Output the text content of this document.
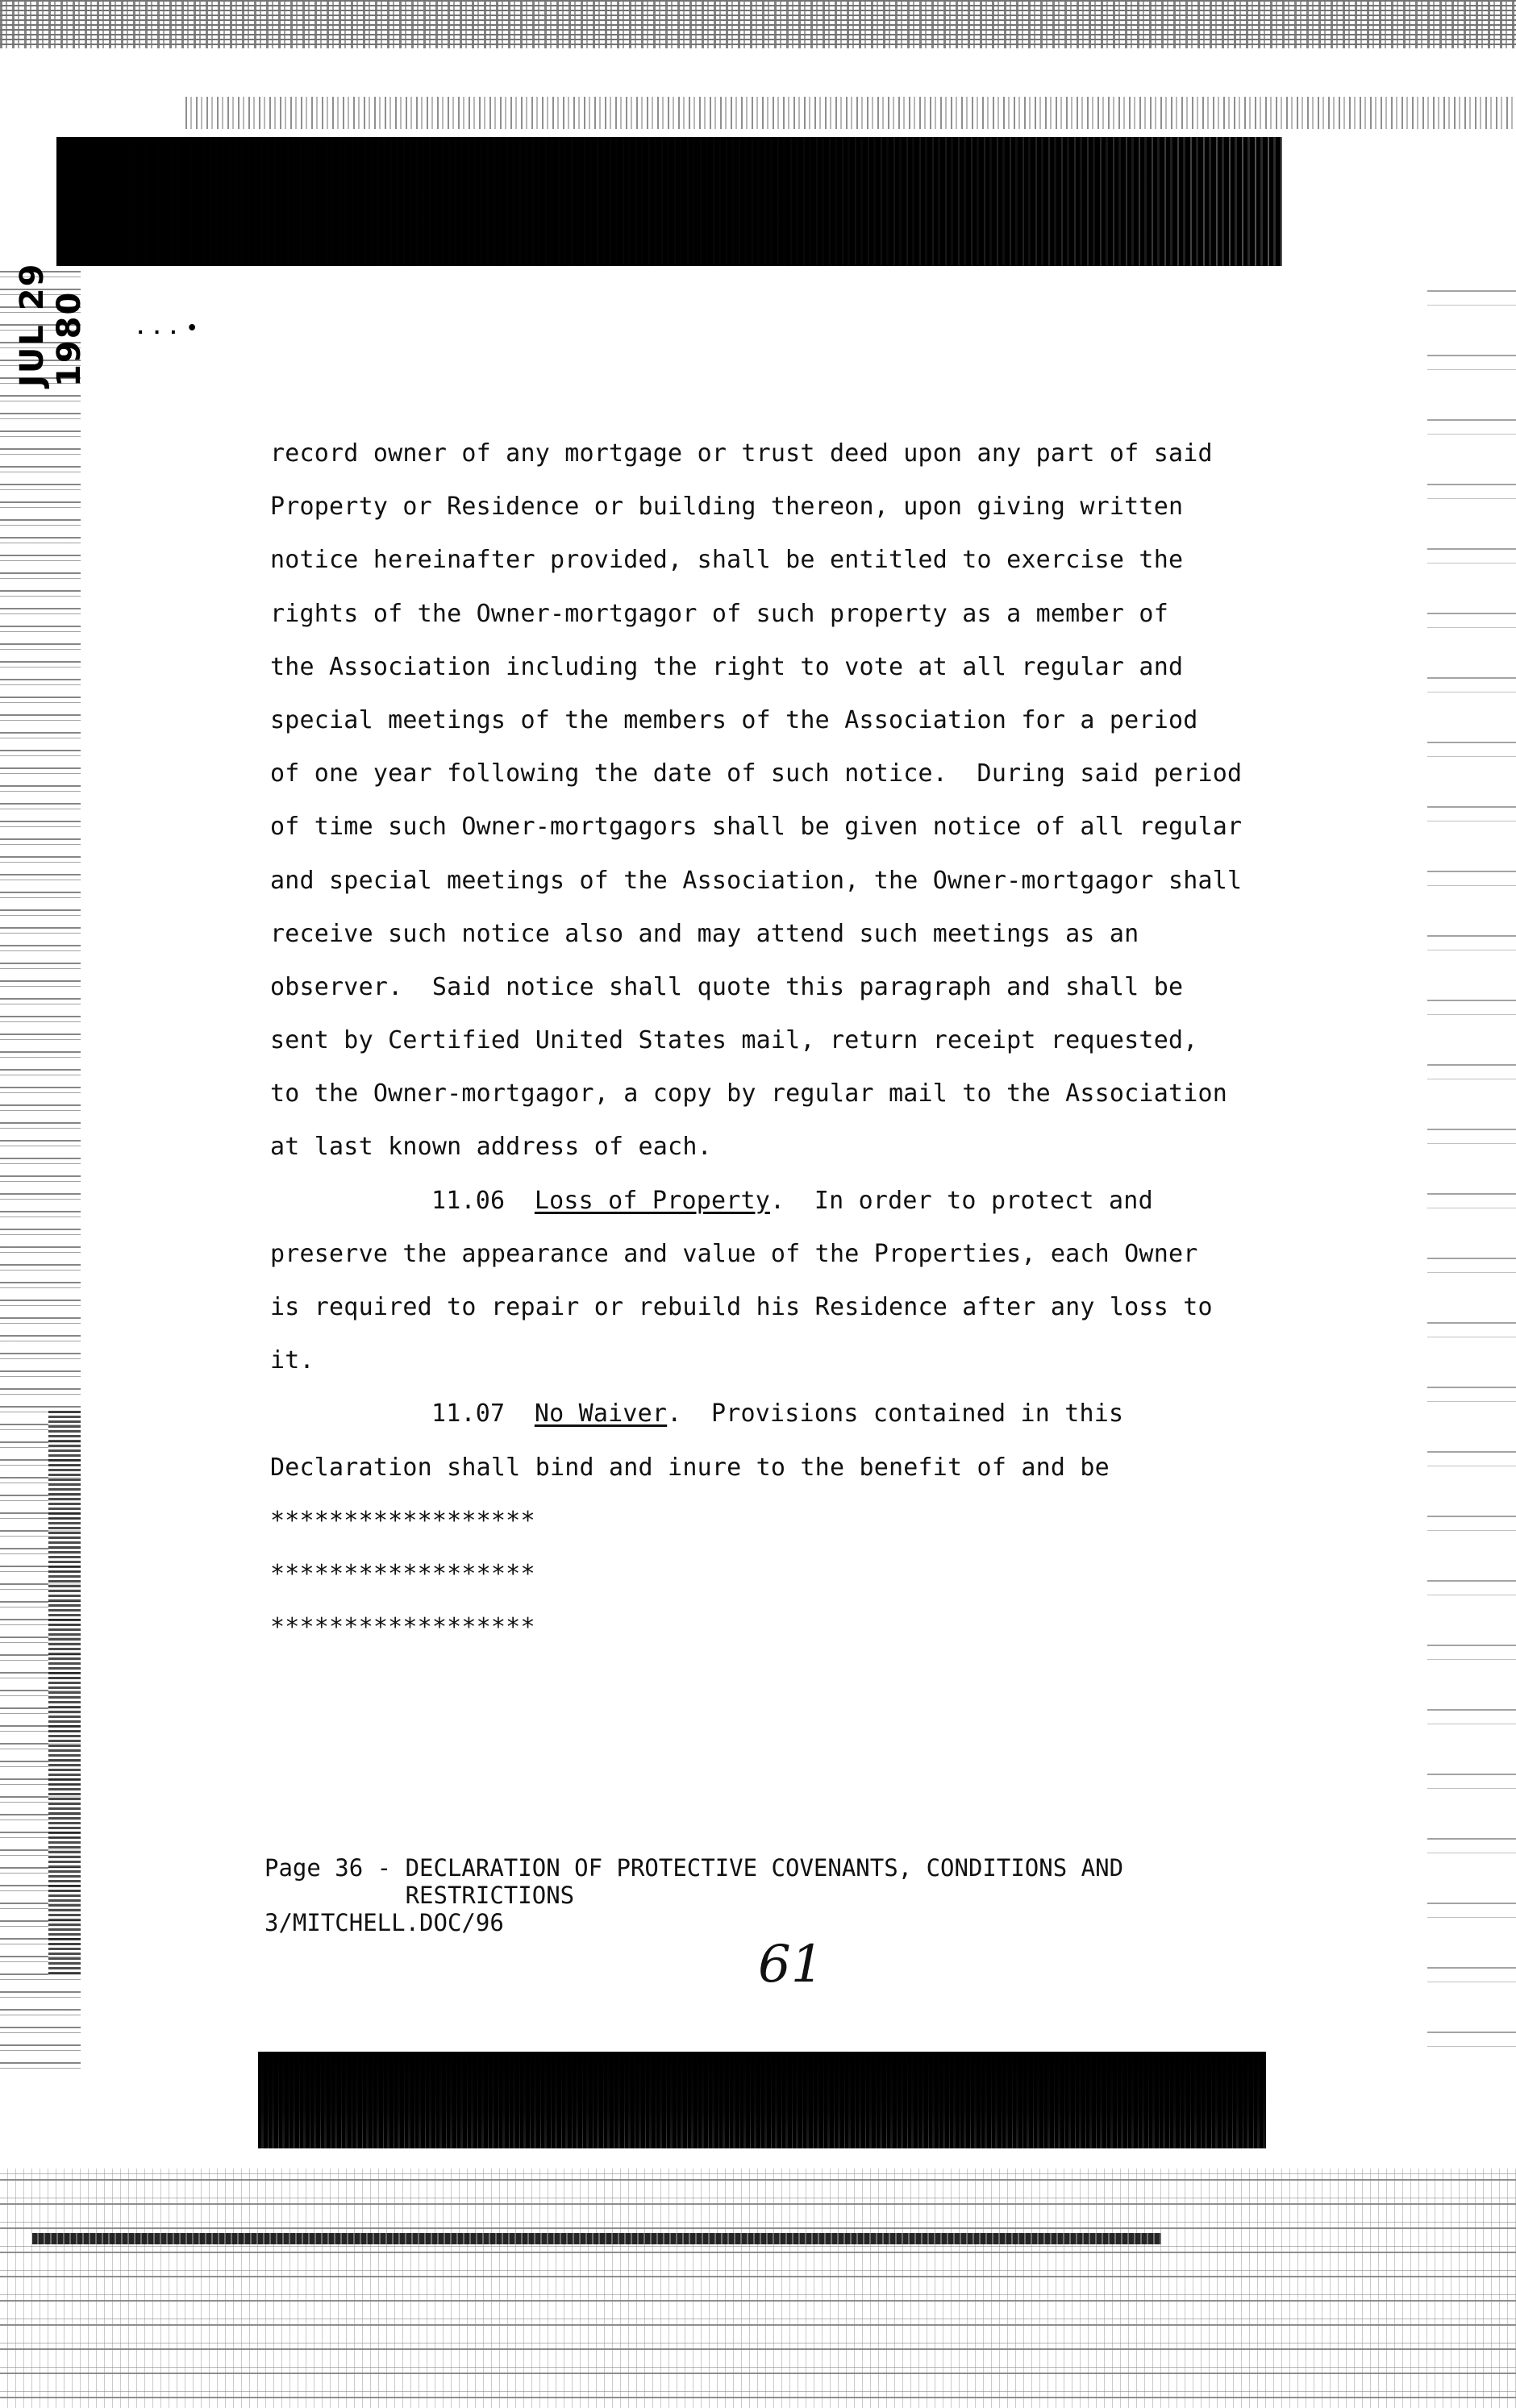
JUL 29 1980	...•
record owner of any mortgage or trust deed upon any part of said
Property or Residence or building thereon, upon giving written
notice hereinafter provided, shall be entitled to exercise the
rights of the Owner-mortgagor of such property as a member of
the Association including the right to vote at all regular and
special meetings of the members of the Association for a period
of one year following the date of such notice.  During said period
of time such Owner-mortgagors shall be given notice of all regular
and special meetings of the Association, the Owner-mortgagor shall
receive such notice also and may attend such meetings as an
observer.  Said notice shall quote this paragraph and shall be
sent by Certified United States mail, return receipt requested,
to the Owner-mortgagor, a copy by regular mail to the Association
at last known address of each.
11.06 Loss of Property.  In order to protect and
preserve the appearance and value of the Properties, each Owner
is required to repair or rebuild his Residence after any loss to
it.
11.07 No Waiver.  Provisions contained in this
Declaration shall bind and inure to the benefit of and be
******************
******************
******************
Page 36 - DECLARATION OF PROTECTIVE COVENANTS, CONDITIONS AND
RESTRICTIONS
3/MITCHELL.DOC/96
61
